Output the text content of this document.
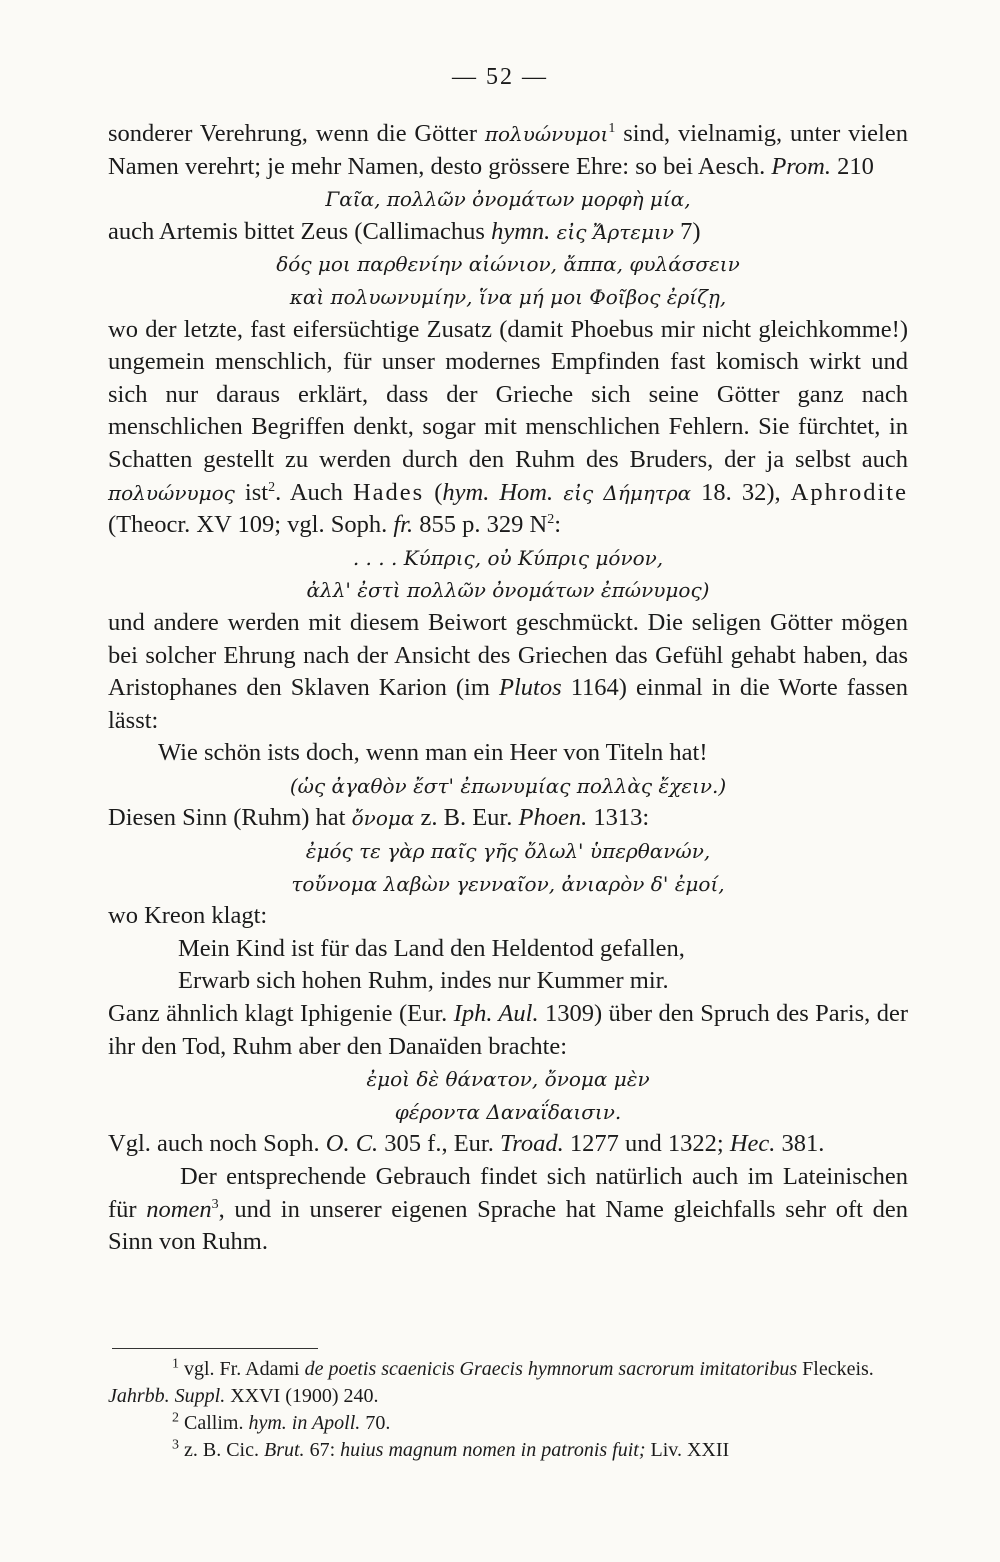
— 52 —

sonderer Verehrung, wenn die Götter πολυώνυμοι$^1$ sind, vielnamig, unter vielen Namen verehrt; je mehr Namen, desto grössere Ehre: so bei Aesch. Prom. 210

Γαῖα, πολλῶν ὀνομάτων μορφὴ μία,

auch Artemis bittet Zeus (Callimachus hymn. εἰς Ἄρτεμιν 7)

δός μοι παρθενίην αἰώνιον, ἄππα, φυλάσσειν
καὶ πολυωνυμίην, ἵνα μή μοι Φοῖβος ἐρίζῃ,

wo der letzte, fast eifersüchtige Zusatz (damit Phoebus mir nicht gleichkomme!) ungemein menschlich, für unser modernes Empfinden fast komisch wirkt und sich nur daraus erklärt, dass der Grieche sich seine Götter ganz nach menschlichen Begriffen denkt, sogar mit menschlichen Fehlern. Sie fürchtet, in Schatten gestellt zu werden durch den Ruhm des Bruders, der ja selbst auch πολυώνυμος ist$^2$. Auch Hades (hym. Hom. εἰς Δήμητρα 18. 32), Aphrodite (Theocr. XV 109; vgl. Soph. fr. 855 p. 329 $N^2$:

. . . . Κύπρις, οὐ Κύπρις μόνον,
ἀλλ' ἐστὶ πολλῶν ὀνομάτων ἐπώνυμος)

und andere werden mit diesem Beiwort geschmückt. Die seligen Götter mögen bei solcher Ehrung nach der Ansicht des Griechen das Gefühl gehabt haben, das Aristophanes den Sklaven Karion (im Plutos 1164) einmal in die Worte fassen lässt:

Wie schön ists doch, wenn man ein Heer von Titeln hat!
(ὡς ἀγαθὸν ἔστ' ἐπωνυμίας πολλὰς ἔχειν.)

Diesen Sinn (Ruhm) hat ὄνομα z. B. Eur. Phoen. 1313:

ἐμός τε γὰρ παῖς γῆς ὄλωλ' ὑπερθανών,
τοὔνομα λαβὼν γενναῖον, ἀνιαρὸν δ' ἐμοί,

wo Kreon klagt:

Mein Kind ist für das Land den Heldentod gefallen,
Erwarb sich hohen Ruhm, indes nur Kummer mir.

Ganz ähnlich klagt Iphigenie (Eur. Iph. Aul. 1309) über den Spruch des Paris, der ihr den Tod, Ruhm aber den Danaïden brachte:

ἐμοὶ δὲ θάνατον, ὄνομα μὲν
φέροντα Δαναΐδαισιν.

Vgl. auch noch Soph. O. C. 305 f., Eur. Troad. 1277 und 1322; Hec. 381.

Der entsprechende Gebrauch findet sich natürlich auch im Lateinischen für nomen$^3$, und in unserer eigenen Sprache hat Name gleichfalls sehr oft den Sinn von Ruhm.

$^1$ vgl. Fr. Adami de poetis scaenicis Graecis hymnorum sacrorum imitatoribus Fleckeis. Jahrbb. Suppl. XXVI (1900) 240.

$^2$ Callim. hym. in Apoll. 70.

$^3$ z. B. Cic. Brut. 67: huius magnum nomen in patronis fuit; Liv. XXII
